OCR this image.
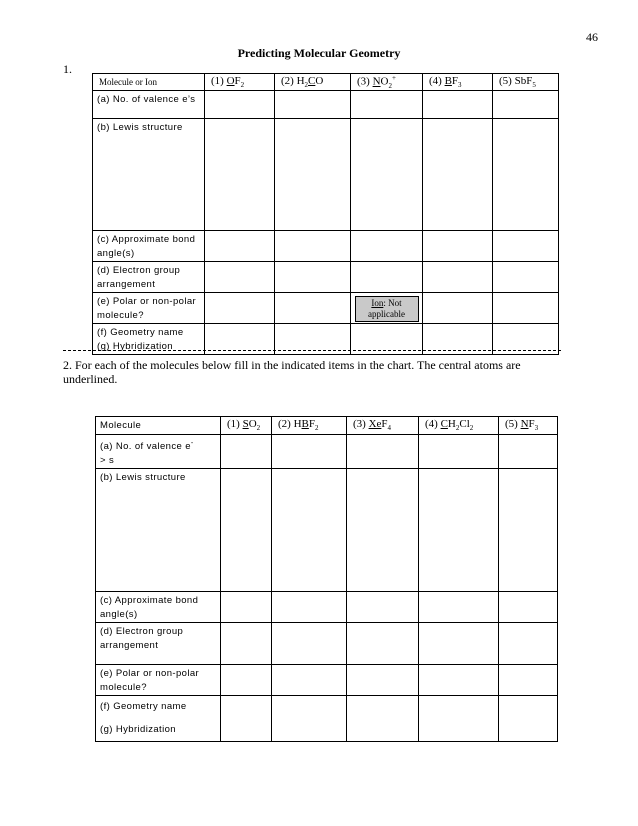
46
Predicting Molecular Geometry
1.
Molecule or Ion	(1) $OF_2$	(2) $H_2CO$	(3) $NO_2^+$	(4) $BF_3$	(5) SbF$_5$
(a) No. of valence e’s					
(b) Lewis structure					
(c) Approximate bond angle(s)					
(d) Electron group arrangement					
(e) Polar or non-polar molecule?			Ion: Not applicable		

(f) Geometry name
(g) Hybridization					

2. For each of the molecules below fill in the indicated items in the chart. The central atoms are underlined.
Molecule	(1) $SO_2$	(2) $HBF_2$	(3) XeF$_4$	(4) $CH_2Cl_2$	(5) $NF_3$
(a) No. of valence e-
> s					
(b) Lewis structure					
(c) Approximate bond angle(s)					
(d) Electron group arrangement					
(e) Polar or non-polar molecule?					

(f) Geometry name
(g) Hybridization					
